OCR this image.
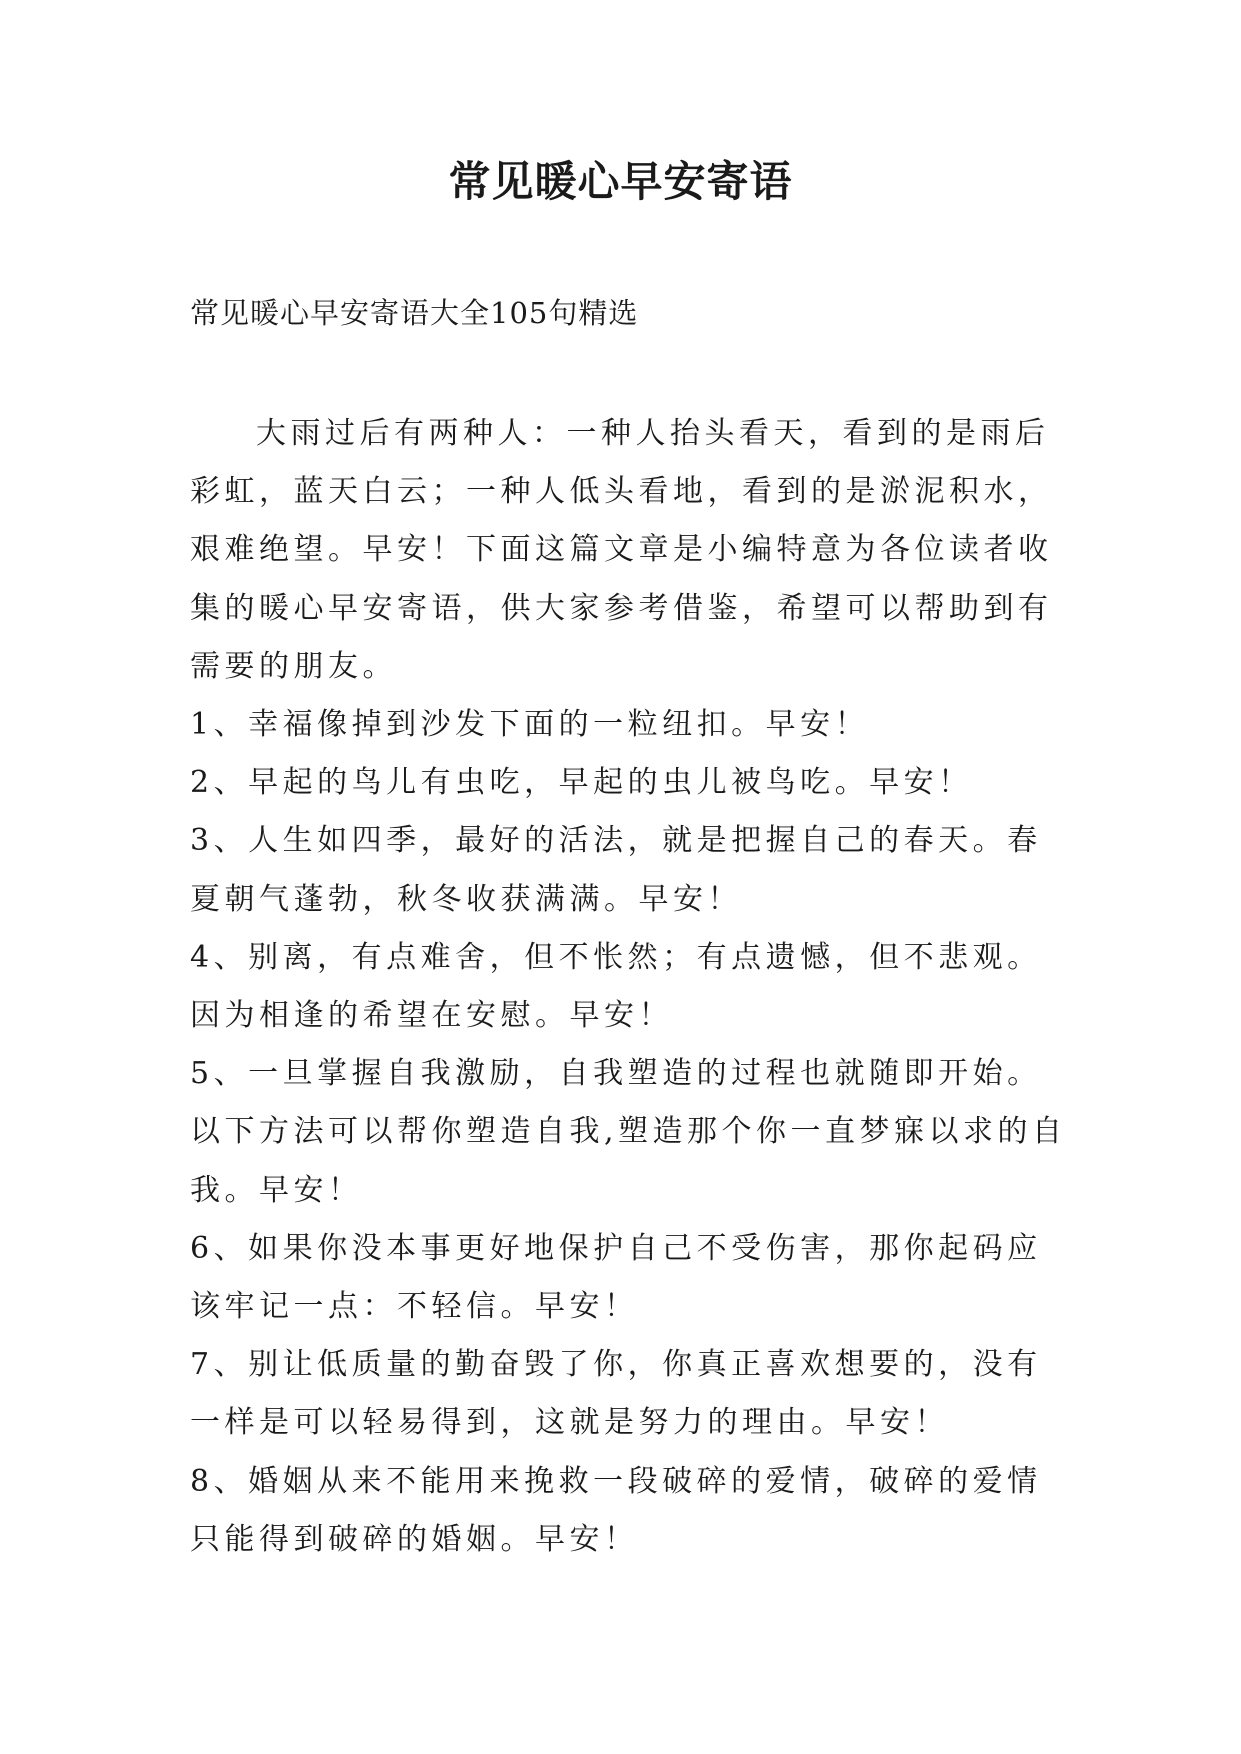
常见暖心早安寄语

常见暖心早安寄语大全105句精选

大雨过后有两种人：一种人抬头看天，看到的是雨后彩虹，蓝天白云；一种人低头看地，看到的是淤泥积水，艰难绝望。早安！下面这篇文章是小编特意为各位读者收集的暖心早安寄语，供大家参考借鉴，希望可以帮助到有需要的朋友。

1、幸福像掉到沙发下面的一粒纽扣。早安！

2、早起的鸟儿有虫吃，早起的虫儿被鸟吃。早安！

3、人生如四季，最好的活法，就是把握自己的春天。春夏朝气蓬勃，秋冬收获满满。早安！

4、别离，有点难舍，但不怅然；有点遗憾，但不悲观。因为相逢的希望在安慰。早安！

5、一旦掌握自我激励，自我塑造的过程也就随即开始。以下方法可以帮你塑造自我,塑造那个你一直梦寐以求的自我。早安！

6、如果你没本事更好地保护自己不受伤害，那你起码应该牢记一点：不轻信。早安！

7、别让低质量的勤奋毁了你，你真正喜欢想要的，没有一样是可以轻易得到，这就是努力的理由。早安！

8、婚姻从来不能用来挽救一段破碎的爱情，破碎的爱情只能得到破碎的婚姻。早安！
